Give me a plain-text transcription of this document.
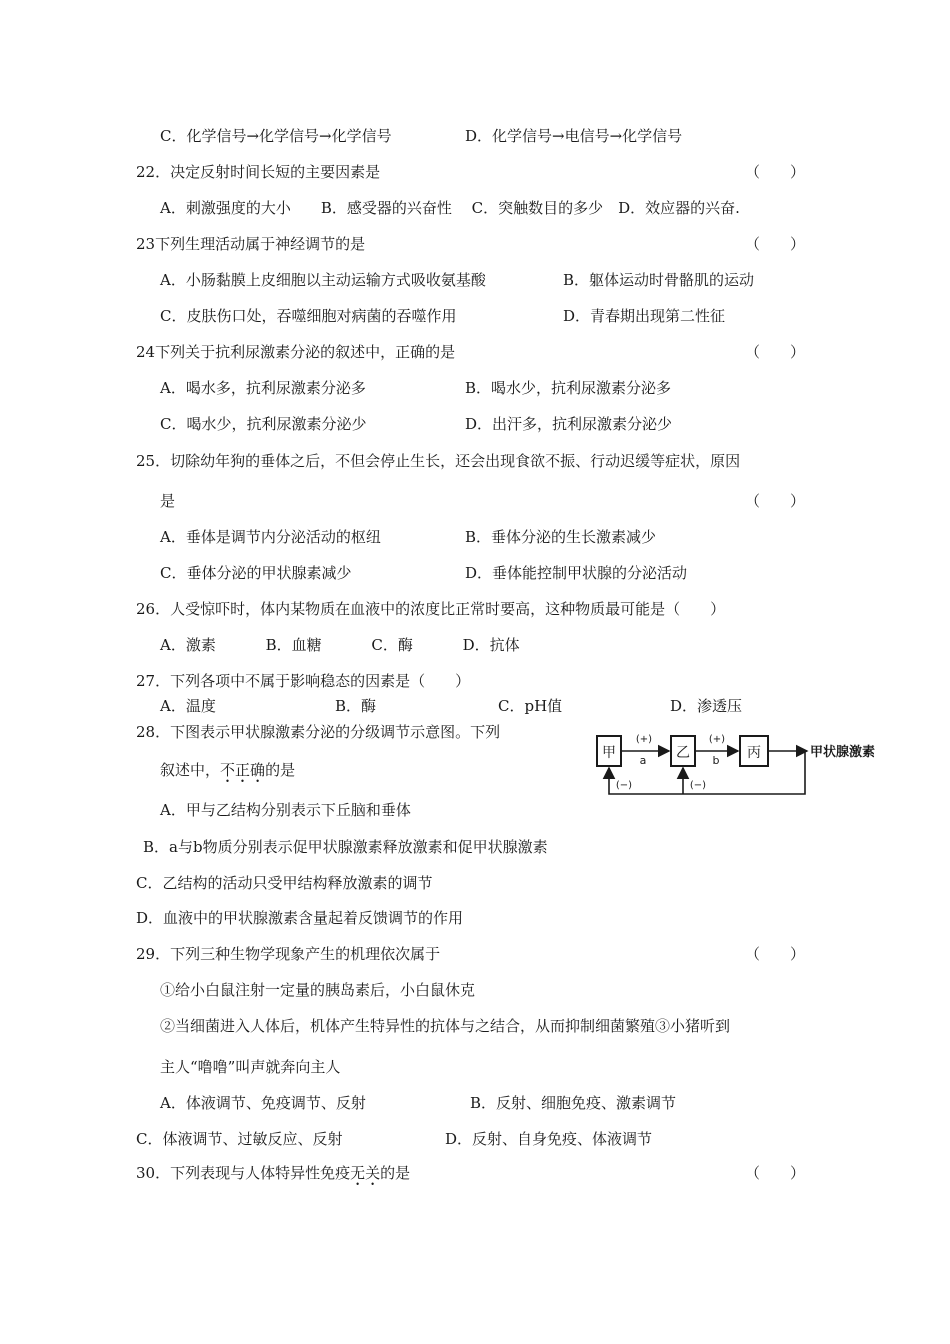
C．化学信号→化学信号→化学信号	D．化学信号→电信号→化学信号
22．决定反射时间长短的主要因素是	（　　）
A．刺激强度的大小　　B．感受器的兴奋性　 C．突触数目的多少　D．效应器的兴奋.
23下列生理活动属于神经调节的是	（　　）
A．小肠黏膜上皮细胞以主动运输方式吸收氨基酸	B．躯体运动时骨骼肌的运动
C．皮肤伤口处，吞噬细胞对病菌的吞噬作用	D．青春期出现第二性征
24下列关于抗利尿激素分泌的叙述中，正确的是	（　　）
A．喝水多，抗利尿激素分泌多	B．喝水少，抗利尿激素分泌多
C．喝水少，抗利尿激素分泌少	D．出汗多，抗利尿激素分泌少
25．切除幼年狗的垂体之后，不但会停止生长，还会出现食欲不振、行动迟缓等症状，原因
是	（　　）
A．垂体是调节内分泌活动的枢纽	B．垂体分泌的生长激素减少
C．垂体分泌的甲状腺素减少	D．垂体能控制甲状腺的分泌活动
26．人受惊吓时，体内某物质在血液中的浓度比正常时要高，这种物质最可能是（　　）
A．激素　　　 B．血糖　　　 C．酶　　　 D．抗体
27．下列各项中不属于影响稳态的因素是（　　）
A．温度	B．酶	C．pH值	D．渗透压
28．下图表示甲状腺激素分泌的分级调节示意图。下列
叙述中，不正确的是
甲	乙	丙
(+)
a
(+)
b
甲状腺激素
(−)	(−)
A．甲与乙结构分别表示下丘脑和垂体
B．a与b物质分别表示促甲状腺激素释放激素和促甲状腺激素
C．乙结构的活动只受甲结构释放激素的调节
D．血液中的甲状腺激素含量起着反馈调节的作用
29．下列三种生物学现象产生的机理依次属于	（　　）
①给小白鼠注射一定量的胰岛素后，小白鼠休克
②当细菌进入人体后，机体产生特异性的抗体与之结合，从而抑制细菌繁殖③小猪听到
主人“噜噜”叫声就奔向主人
A．体液调节、免疫调节、反射	B．反射、细胞免疫、激素调节
C．体液调节、过敏反应、反射	D．反射、自身免疫、体液调节
30．下列表现与人体特异性免疫无关的是	（　　）
